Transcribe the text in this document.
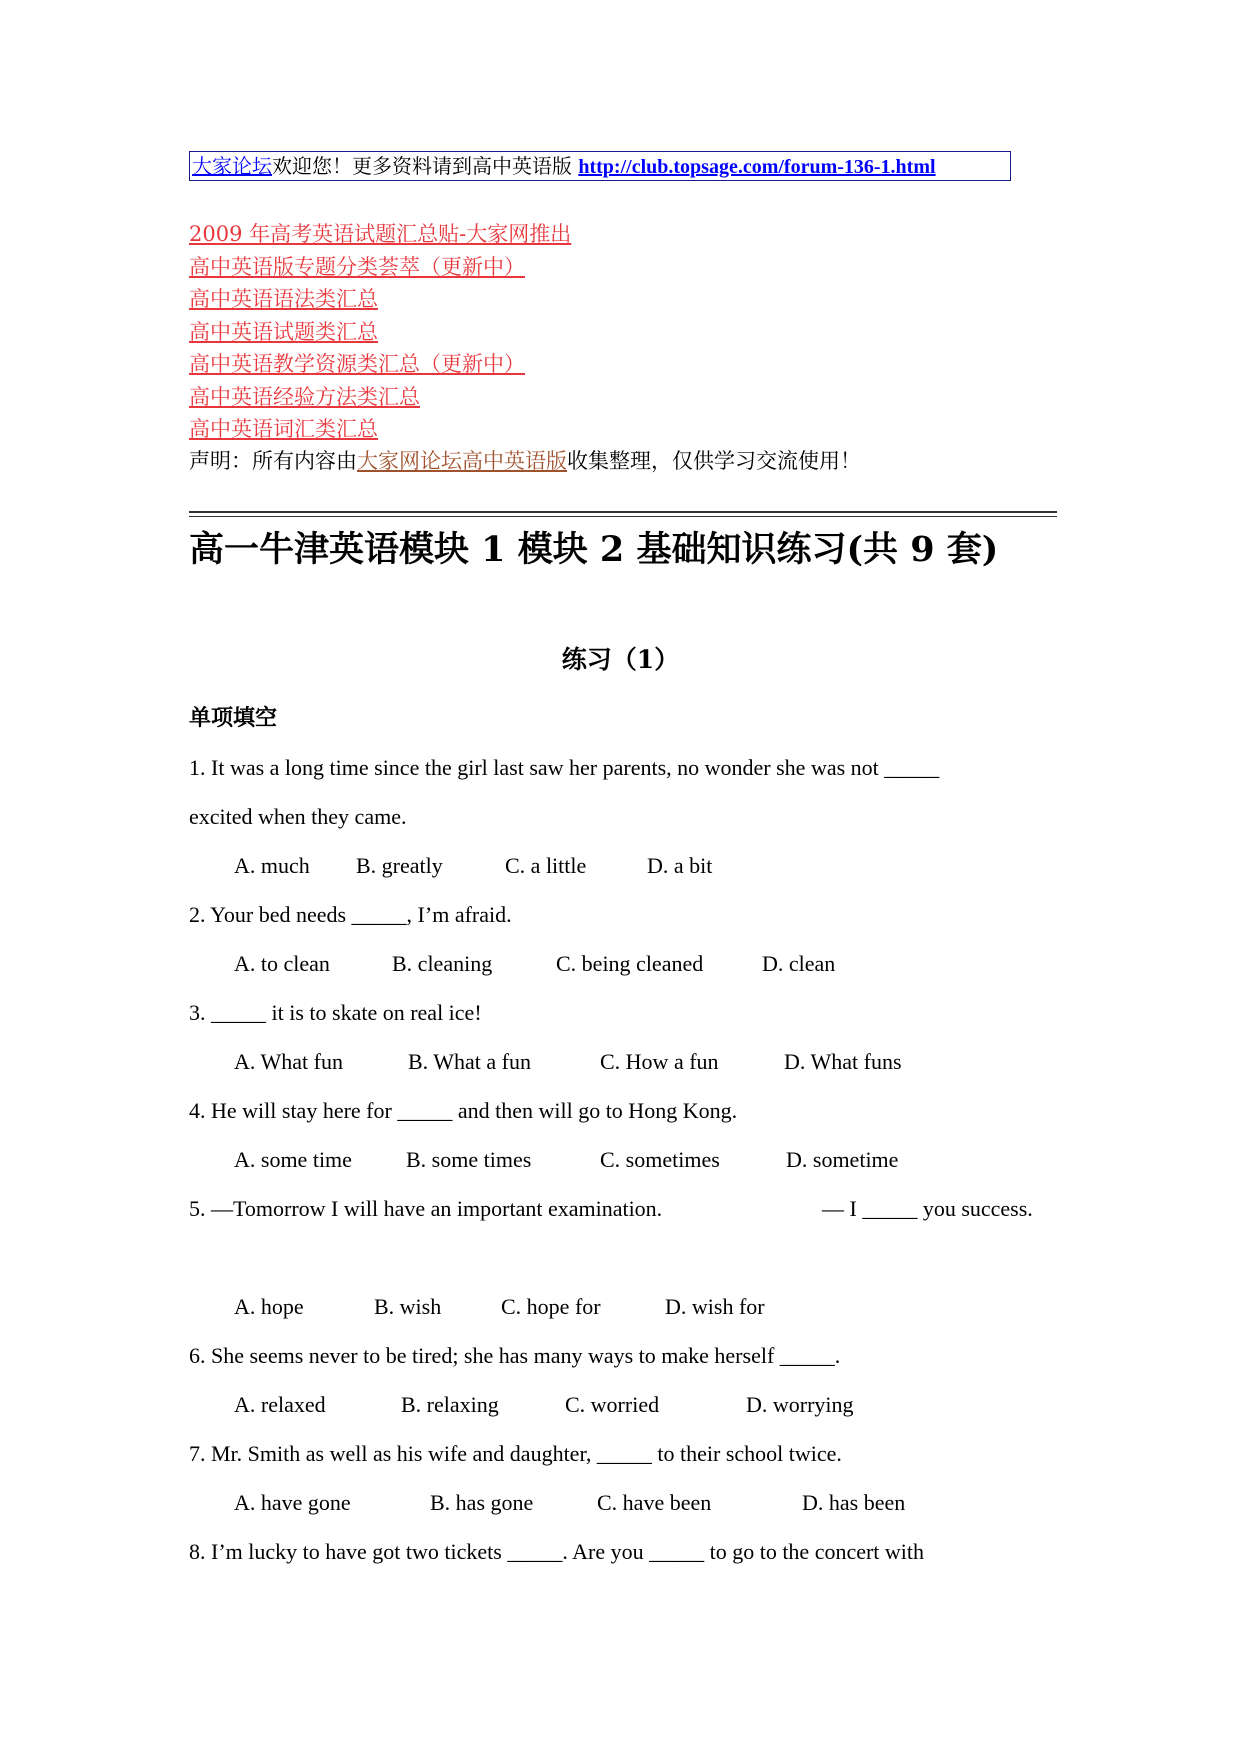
大家论坛欢迎您！更多资料请到高中英语版 http://club.topsage.com/forum-136-1.html
2009 年高考英语试题汇总贴-大家网推出
高中英语版专题分类荟萃（更新中）
高中英语语法类汇总
高中英语试题类汇总
高中英语教学资源类汇总（更新中）
高中英语经验方法类汇总
高中英语词汇类汇总
声明：所有内容由大家网论坛高中英语版收集整理，仅供学习交流使用！
高一牛津英语模块 1 模块 2 基础知识练习(共 9 套)
练习（1）
单项填空
1. It was a long time since the girl last saw her parents, no wonder she was not _____
excited when they came.
A. much B. greatly	C. a little	D. a bit
2. Your bed needs _____, I’m afraid.
A. to clean	B. cleaning	C. being cleaned	D. clean
3. _____ it is to skate on real ice!
A. What fun	B. What a fun	C. How a fun	D. What funs
4. He will stay here for _____ and then will go to Hong Kong.
A. some time B. some times	C. sometimes	D. sometime
5. —Tomorrow I will have an important examination.	— I _____ you success.
A. hope	B. wish	C. hope for	D. wish for
6. She seems never to be tired; she has many ways to make herself _____.
A. relaxed	B. relaxing	C. worried	D. worrying
7. Mr. Smith as well as his wife and daughter, _____ to their school twice.
A. have gone	B. has gone	C. have been	D. has been
8. I’m lucky to have got two tickets _____. Are you _____ to go to the concert with
